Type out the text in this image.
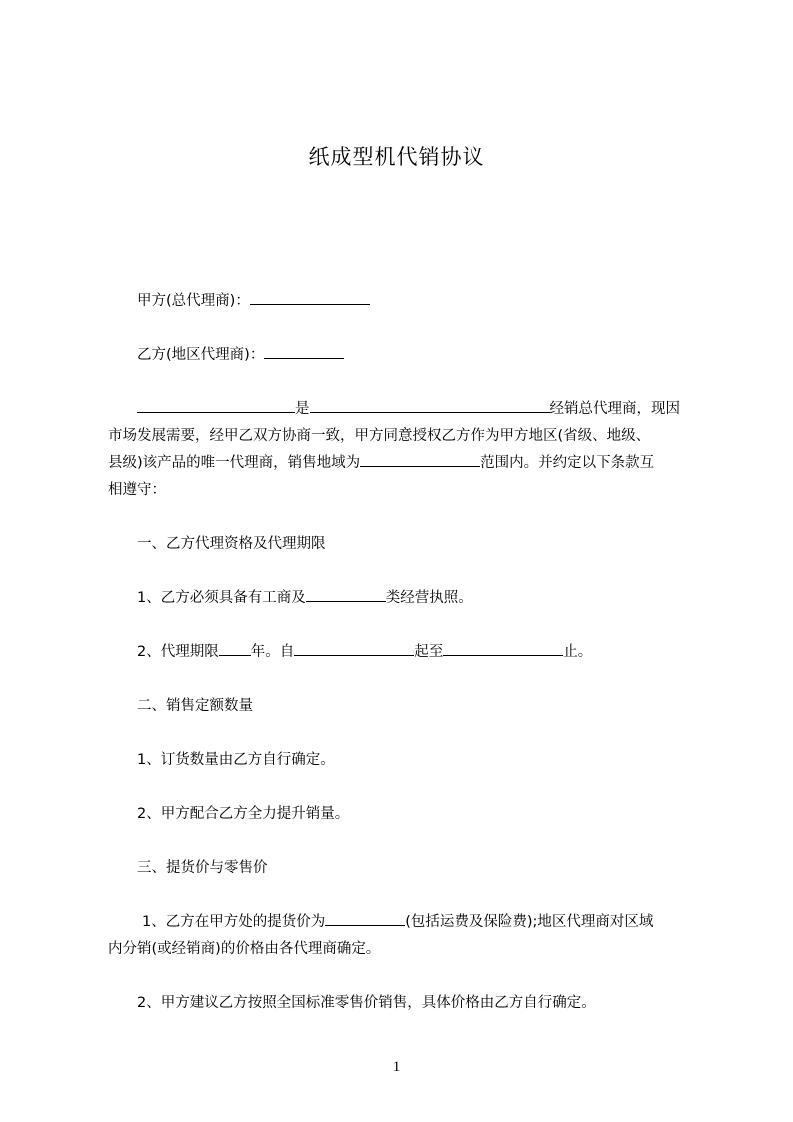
纸成型机代销协议
甲方(总代理商)：
乙方(地区代理商)：
是	经销总代理商，现因
市场发展需要，经甲乙双方协商一致，甲方同意授权乙方作为甲方地区(省级、地级、
县级)该产品的唯一代理商，销售地域为	范围内。并约定以下条款互
相遵守：
一、乙方代理资格及代理期限
1、乙方必须具备有工商及	类经营执照。
2、代理期限 年。自	起至	止。
二、销售定额数量
1、订货数量由乙方自行确定。
2、甲方配合乙方全力提升销量。
三、提货价与零售价
1、乙方在甲方处的提货价为	(包括运费及保险费);地区代理商对区域
内分销(或经销商)的价格由各代理商确定。
2、甲方建议乙方按照全国标准零售价销售，具体价格由乙方自行确定。
1
